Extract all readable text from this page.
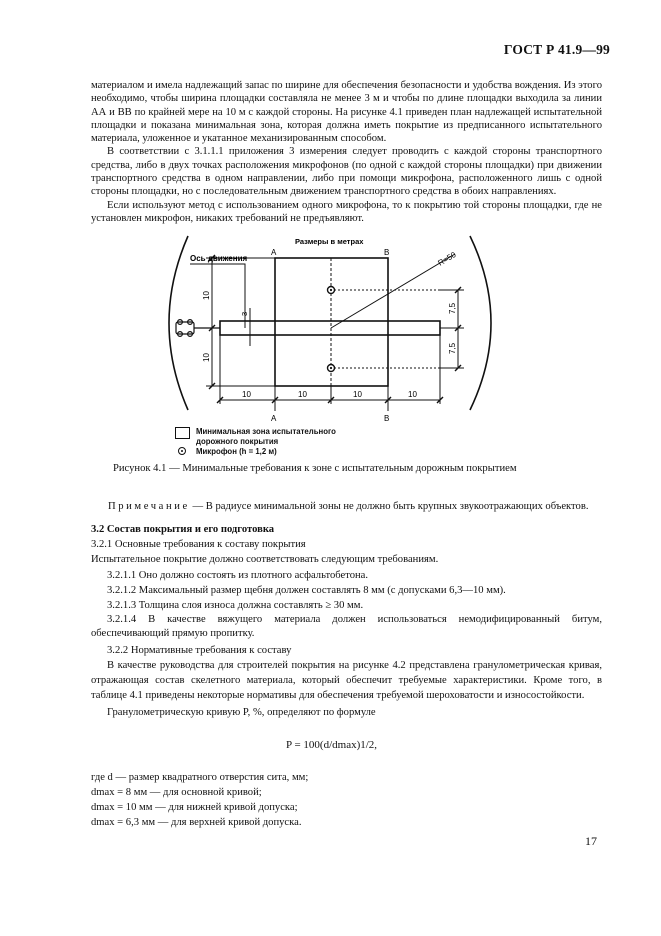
ГОСТ Р 41.9—99

материалом и имела надлежащий запас по ширине для обеспечения безопасности и удобства вождения. Из этого необходимо, чтобы ширина площадки составляла не менее 3 м и чтобы по длине площадки выходила за линии АА и ВВ по крайней мере на 10 м с каждой стороны. На рисунке 4.1 приведен план надлежащей испытательной площадки и показана минимальная зона, которая должна иметь покрытие из предписанного испытательного материала, уложенное и укатанное механизированным способом.

В соответствии с 3.1.1.1 приложения 3 измерения следует проводить с каждой стороны транспортного средства, либо в двух точках расположения микрофонов (по одной с каждой стороны площадки) при движении транспортного средства в одном направлении, либо при помощи микрофона, расположенного лишь с одной стороны площадки, но с последовательным движением транспортного средства в обоих направлениях.

Если используют метод с использованием одного микрофона, то к покрытию той стороны площадки, где не установлен микрофон, никаких требований не предъявляют.

Размеры в метрах
Ось движения
A	B
A	B
R=50
10
10
3	7,5
7,5
10	10	10	10
Минимальная зона испытательного
дорожного покрытия
Микрофон (h = 1,2 м)
Рисунок 4.1 — Минимальные требования к зоне с испытательным дорожным покрытием
Примечание — В радиусе минимальной зоны не должно быть крупных звукоотражающих объектов.
3.2 Состав покрытия и его подготовка
3.2.1 Основные требования к составу покрытия
Испытательное покрытие должно соответствовать следующим требованиям.
3.2.1.1 Оно должно состоять из плотного асфальтобетона.
3.2.1.2 Максимальный размер щебня должен составлять 8 мм (с допусками 6,3—10 мм).
3.2.1.3 Толщина слоя износа должна составлять ≥ 30 мм.
3.2.1.4 В качестве вяжущего материала должен использоваться немодифицированный битум, обеспечивающий прямую пропитку.
3.2.2 Нормативные требования к составу
В качестве руководства для строителей покрытия на рисунке 4.2 представлена гранулометрическая кривая, отражающая состав скелетного материала, который обеспечит требуемые характеристики. Кроме того, в таблице 4.1 приведены некоторые нормативы для обеспечения требуемой шероховатости и износостойкости.
Гранулометрическую кривую P, %, определяют по формуле
P = 100(d/dmax)1/2,
где d — размер квадратного отверстия сита, мм;
dmax = 8 мм — для основной кривой;
dmax = 10 мм — для нижней кривой допуска;
dmax = 6,3 мм — для верхней кривой допуска.
17
